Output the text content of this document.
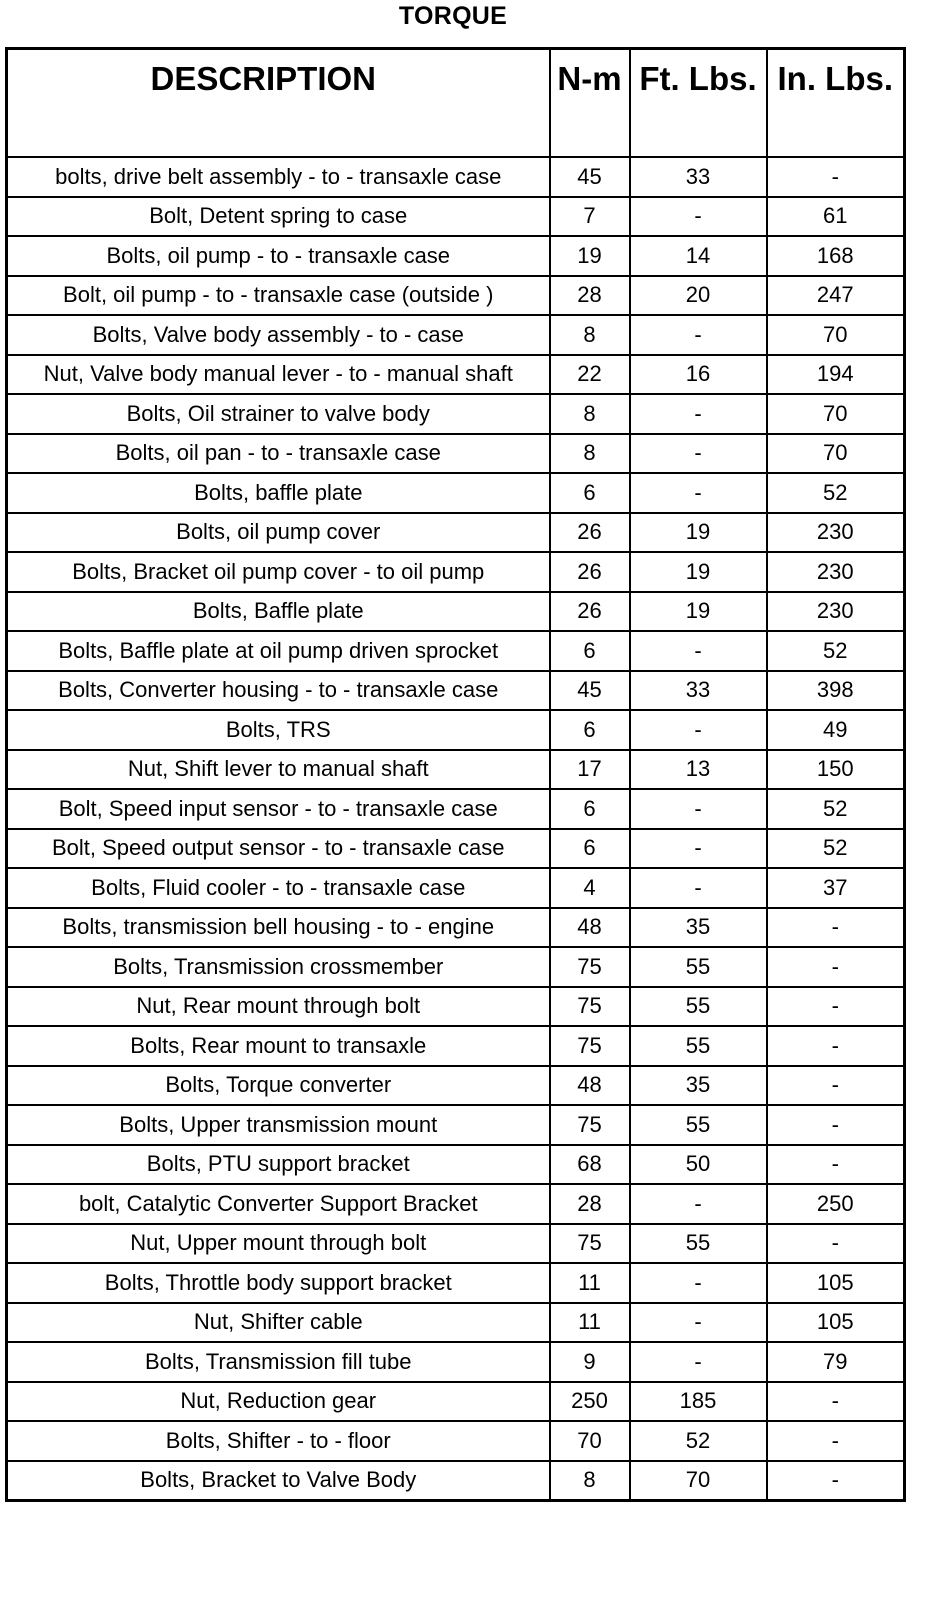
TORQUE
DESCRIPTION	N-m	Ft. Lbs.	In. Lbs.
bolts, drive belt assembly - to - transaxle case	45	33	-
Bolt, Detent spring to case	7	-	61
Bolts, oil pump - to - transaxle case	19	14	168
Bolt, oil pump - to - transaxle case (outside )	28	20	247
Bolts, Valve body assembly - to - case	8	-	70
Nut, Valve body manual lever - to - manual shaft	22	16	194
Bolts, Oil strainer to valve body	8	-	70
Bolts, oil pan - to - transaxle case	8	-	70
Bolts, baffle plate	6	-	52
Bolts, oil pump cover	26	19	230
Bolts, Bracket oil pump cover - to oil pump	26	19	230
Bolts, Baffle plate	26	19	230
Bolts, Baffle plate at oil pump driven sprocket	6	-	52
Bolts, Converter housing - to - transaxle case	45	33	398
Bolts, TRS	6	-	49
Nut, Shift lever to manual shaft	17	13	150
Bolt, Speed input sensor - to - transaxle case	6	-	52
Bolt, Speed output sensor - to - transaxle case	6	-	52
Bolts, Fluid cooler - to - transaxle case	4	-	37
Bolts, transmission bell housing - to - engine	48	35	-
Bolts, Transmission crossmember	75	55	-
Nut, Rear mount through bolt	75	55	-
Bolts, Rear mount to transaxle	75	55	-
Bolts, Torque converter	48	35	-
Bolts, Upper transmission mount	75	55	-
Bolts, PTU support bracket	68	50	-
bolt, Catalytic Converter Support Bracket	28	-	250
Nut, Upper mount through bolt	75	55	-
Bolts, Throttle body support bracket	11	-	105
Nut, Shifter cable	11	-	105
Bolts, Transmission fill tube	9	-	79
Nut, Reduction gear	250	185	-
Bolts, Shifter - to - floor	70	52	-
Bolts, Bracket to Valve Body	8	70	-
